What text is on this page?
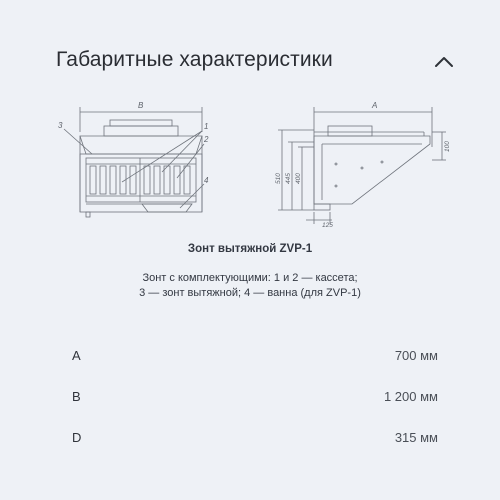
Габаритные характеристики
B
3	1
2
4
A
125
510 445 400
100
Зонт вытяжной ZVP-1
Зонт с комплектующими: 1 и 2 — кассета;
3 — зонт вытяжной; 4 — ванна (для ZVP-1)
A	700 мм
B	1 200 мм
D	315 мм
